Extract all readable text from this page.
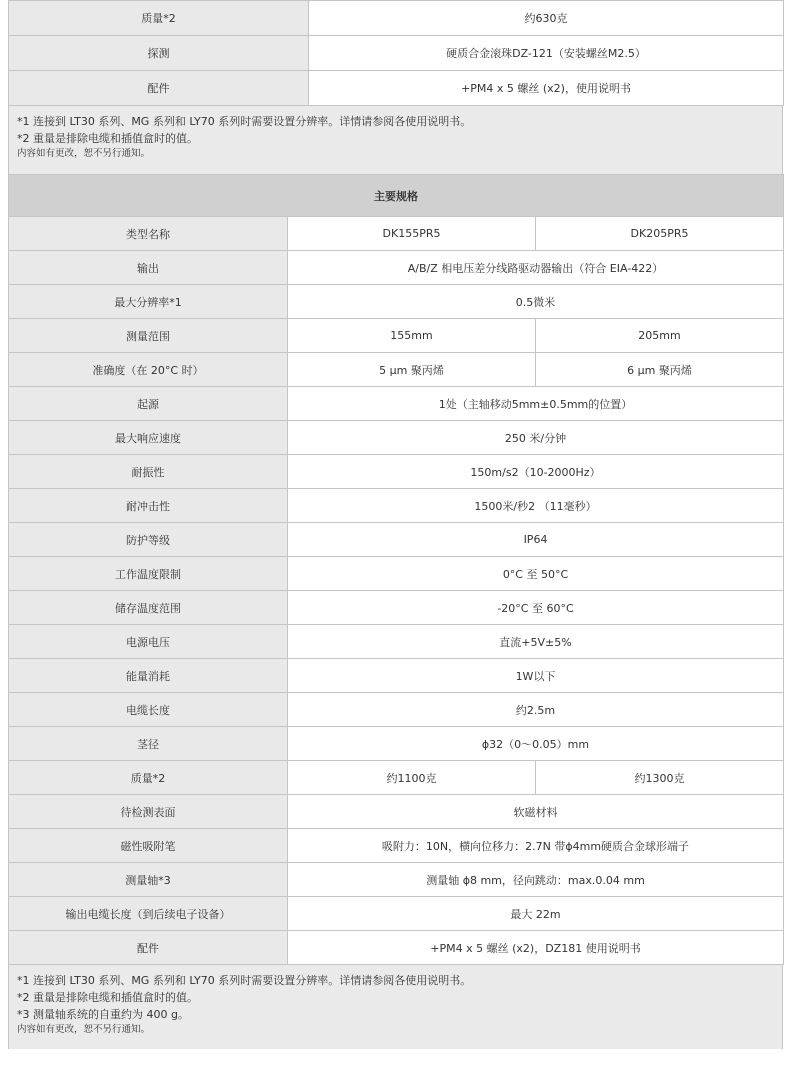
质量*2	约630克
探测	硬质合金滚珠DZ-121（安装螺丝M2.5）
配件	+PM4 x 5 螺丝 (x2)，使用说明书
*1 连接到 LT30 系列、MG 系列和 LY70 系列时需要设置分辨率。详情请参阅各使用说明书。
*2 重量是排除电缆和插值盒时的值。
内容如有更改，恕不另行通知。
主要规格		
类型名称	DK155PR5	DK205PR5
输出	A/B/Z 相电压差分线路驱动器输出（符合 EIA-422）	
最大分辨率*1	0.5微米	
测量范围	155mm	205mm
准确度（在 20°C 时）	5 µm 聚丙烯	6 µm 聚丙烯
起源	1处（主轴移动5mm±0.5mm的位置）	
最大响应速度	250 米/分钟	
耐振性	150m/s2（10-2000Hz）	
耐冲击性	1500米/秒2 （11毫秒）	
防护等级	IP64	
工作温度限制	0°C 至 50°C	
储存温度范围	-20°C 至 60°C	
电源电压	直流+5V±5%	
能量消耗	1W以下	
电缆长度	约2.5m	
茎径	ϕ32（0～0.05）mm	
质量*2	约1100克	约1300克
待检测表面	软磁材料	
磁性吸附笔	吸附力：10N，横向位移力：2.7N 带ϕ4mm硬质合金球形端子	
测量轴*3	测量轴 ϕ8 mm，径向跳动：max.0.04 mm	
输出电缆长度（到后续电子设备）	最大 22m	
配件	+PM4 x 5 螺丝 (x2)，DZ181 使用说明书	
*1 连接到 LT30 系列、MG 系列和 LY70 系列时需要设置分辨率。详情请参阅各使用说明书。
*2 重量是排除电缆和插值盒时的值。
*3 测量轴系统的自重约为 400 g。
内容如有更改，恕不另行通知。
